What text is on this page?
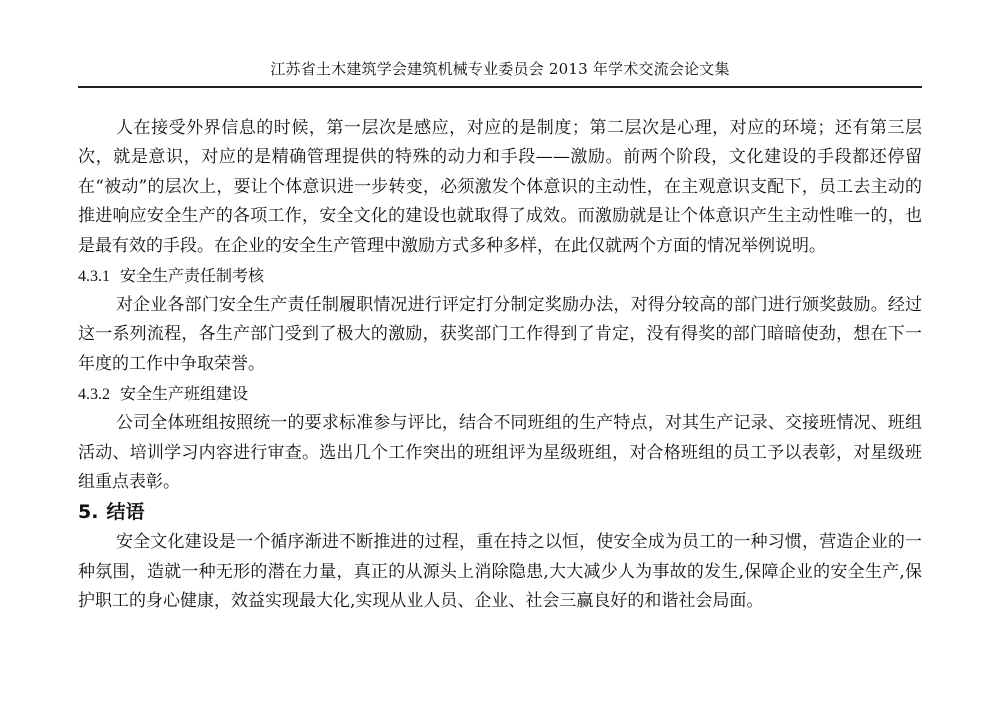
江苏省土木建筑学会建筑机械专业委员会 2013 年学术交流会论文集

人在接受外界信息的时候，第一层次是感应，对应的是制度；第二层次是心理，对应的环境；还有第三层次，就是意识，对应的是精确管理提供的特殊的动力和手段——激励。前两个阶段，文化建设的手段都还停留在“被动”的层次上，要让个体意识进一步转变，必须激发个体意识的主动性，在主观意识支配下，员工去主动的推进响应安全生产的各项工作，安全文化的建设也就取得了成效。而激励就是让个体意识产生主动性唯一的，也是最有效的手段。在企业的安全生产管理中激励方式多种多样，在此仅就两个方面的情况举例说明。

4.3.1 安全生产责任制考核

对企业各部门安全生产责任制履职情况进行评定打分制定奖励办法，对得分较高的部门进行颁奖鼓励。经过这一系列流程，各生产部门受到了极大的激励，获奖部门工作得到了肯定，没有得奖的部门暗暗使劲，想在下一年度的工作中争取荣誉。

4.3.2 安全生产班组建设

公司全体班组按照统一的要求标准参与评比，结合不同班组的生产特点，对其生产记录、交接班情况、班组活动、培训学习内容进行审查。选出几个工作突出的班组评为星级班组，对合格班组的员工予以表彰，对星级班组重点表彰。

5. 结语

安全文化建设是一个循序渐进不断推进的过程，重在持之以恒，使安全成为员工的一种习惯，营造企业的一种氛围，造就一种无形的潜在力量，真正的从源头上消除隐患,大大减少人为事故的发生,保障企业的安全生产,保护职工的身心健康，效益实现最大化,实现从业人员、企业、社会三赢良好的和谐社会局面。
